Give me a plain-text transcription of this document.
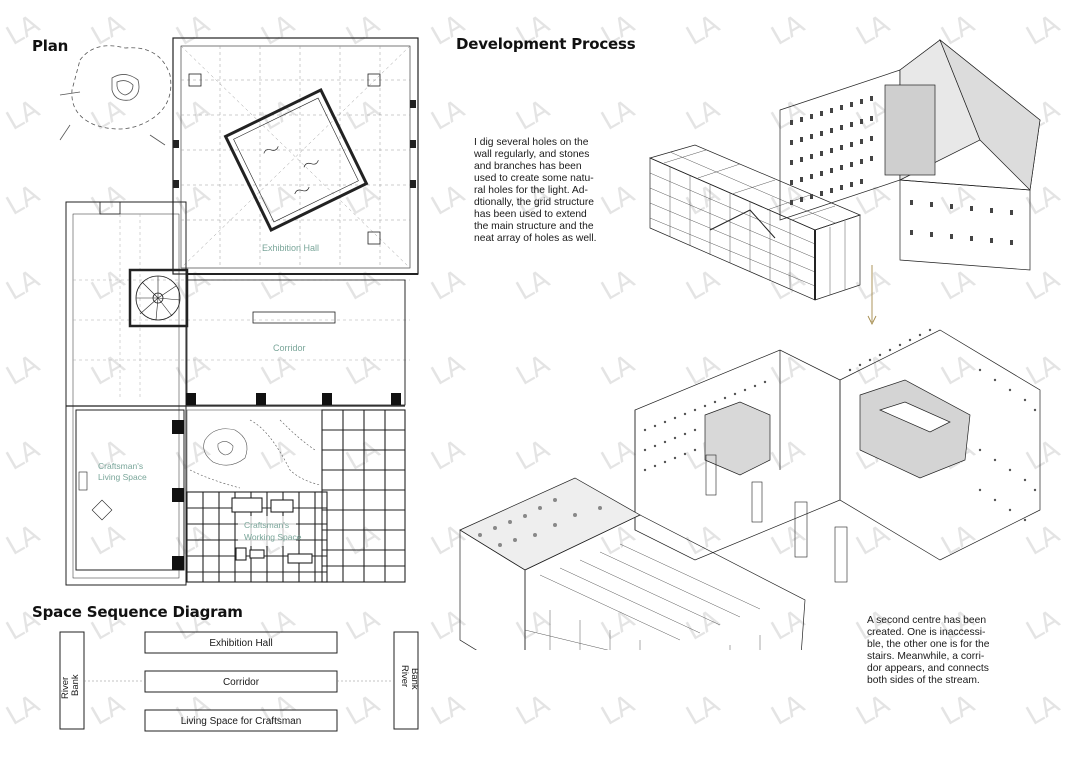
Plan	Development Process
Space Sequence Diagram
Exhibition Hall
Corridor
Craftsman's
Living Space
Craftsman's
Working Space
I dig several holes on the
wall regularly, and stones
and branches has been
used to create some natu-
ral holes for the light. Ad-
dtionally, the grid structure
has been used to extend
the main structure and the
neat array of holes as well.
A second centre has been
created. One is inaccessi-
ble, the other one is for the
stairs. Meanwhile, a corri-
dor appears, and connects
both sides of the stream.
Exhibition Hall
Corridor
Living Space for Craftsman
River Bank	River Bank
